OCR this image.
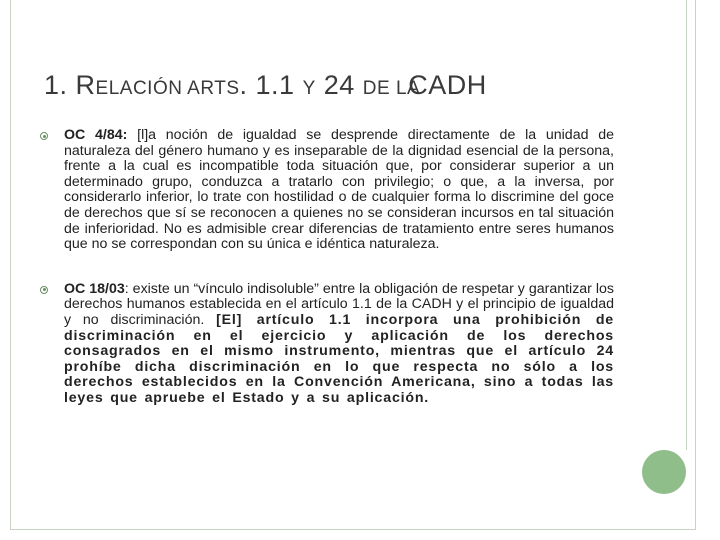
1. RELACIÓN ARTS. 1.1 Y 24 DE LACADH
OC 4/84: [l]a noción de igualdad se desprende directamente de la unidad de naturaleza del género humano y es inseparable de la dignidad esencial de la persona, frente a la cual es incompatible toda situación que, por considerar superior a un determinado grupo, conduzca a tratarlo con privilegio; o que, a la inversa, por considerarlo inferior, lo trate con hostilidad o de cualquier forma lo discrimine del goce de derechos que sí se reconocen a quienes no se consideran incursos en tal situación de inferioridad. No es admisible crear diferencias de tratamiento entre seres humanos que no se correspondan con su única e idéntica naturaleza.
OC 18/03: existe un “vínculo indisoluble” entre la obligación de respetar y garantizar los derechos humanos establecida en el artículo 1.1 de la CADH y el principio de igualdad y no discriminación. [El] artículo 1.1 incorpora una prohibición de discriminación en el ejercicio y aplicación de los derechos consagrados en el mismo instrumento, mientras que el artículo 24 prohíbe dicha discriminación en lo que respecta no sólo a los derechos establecidos en la Convención Americana, sino a todas las leyes que apruebe el Estado y a su aplicación.
